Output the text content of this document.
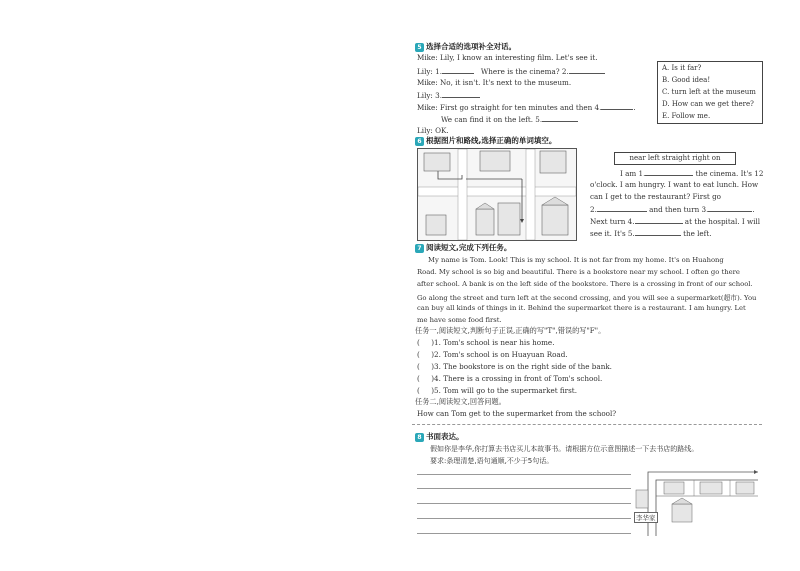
5 选择合适的选项补全对话。
Mike: Lily, I know an interesting film. Let's see it.
Lily: 1.	Where is the cinema? 2.
Mike: No, it isn't. It's next to the museum.
Lily: 3.
Mike: First go straight for ten minutes and then 4.	.
We can find it on the left. 5.
Lily: OK.
A. Is it far?
B. Good idea!
C. turn left at the museum
D. How can we get there?
E. Follow me.
6 根据图片和路线,选择正确的单词填空。
near left straight right on
I am 1.	the cinema. It's 12
o'clock. I am hungry. I want to eat lunch. How
can I get to the restaurant? First go
2.	and then turn 3.	.
Next turn 4.	at the hospital. I will
see it. It's 5.	the left.
7 阅读短文,完成下列任务。
My name is Tom. Look! This is my school. It is not far from my home. It's on Huahong
Road. My school is so big and beautiful. There is a bookstore near my school. I often go there
after school. A bank is on the left side of the bookstore. There is a crossing in front of our school.
Go along the street and turn left at the second crossing, and you will see a supermarket(超市). You
can buy all kinds of things in it. Behind the supermarket there is a restaurant. I am hungry. Let
me have some food first.
任务一,阅读短文,判断句子正误,正确的写"T",错误的写"F"。
( )1. Tom's school is near his home.
( )2. Tom's school is on Huayuan Road.
( )3. The bookstore is on the right side of the bank.
( )4. There is a crossing in front of Tom's school.
( )5. Tom will go to the supermarket first.
任务二,阅读短文,回答问题。
How can Tom get to the supermarket from the school?
8 书面表达。
假如你是李华,你打算去书店买儿本故事书。请根据方位示意图描述一下去书店的路线。
要求:条理清楚,语句通顺,不少于5句话。
李华家
